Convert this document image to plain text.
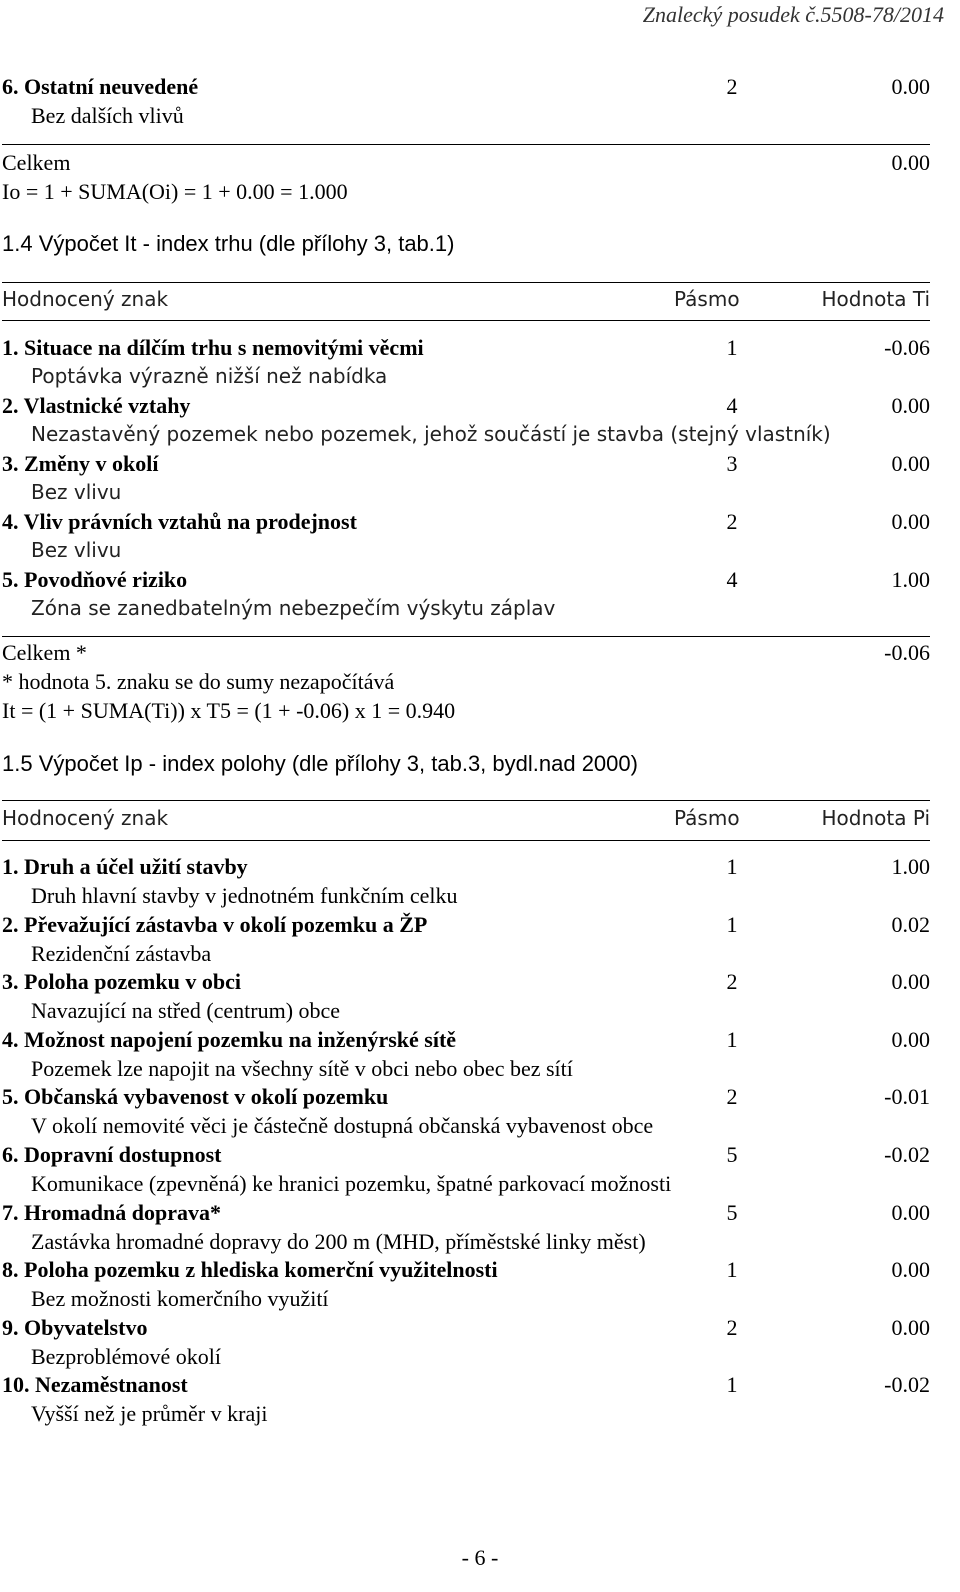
Znalecký posudek č.5508-78/2014
6. Ostatní neuvedené	2	0.00
Bez dalších vlivů
Celkem	0.00
Io = 1 + SUMA(Oi) = 1 + 0.00 = 1.000
1.4 Výpočet It - index trhu (dle přílohy 3, tab.1)
Hodnocený znak	Pásmo	Hodnota Ti
1. Situace na dílčím trhu s nemovitými věcmi	1	-0.06
Poptávka výrazně nižší než nabídka
2. Vlastnické vztahy	4	0.00
Nezastavěný pozemek nebo pozemek, jehož součástí je stavba (stejný vlastník)
3. Změny v okolí	3	0.00
Bez vlivu
4. Vliv právních vztahů na prodejnost	2	0.00
Bez vlivu
5. Povodňové riziko	4	1.00
Zóna se zanedbatelným nebezpečím výskytu záplav
Celkem *	-0.06
* hodnota 5. znaku se do sumy nezapočítává
It = (1 + SUMA(Ti)) x T5 = (1 + -0.06) x 1 = 0.940
1.5 Výpočet Ip - index polohy (dle přílohy 3, tab.3, bydl.nad 2000)
Hodnocený znak	Pásmo	Hodnota Pi
1. Druh a účel užití stavby	1	1.00
Druh hlavní stavby v jednotném funkčním celku
2. Převažující zástavba v okolí pozemku a ŽP	1	0.02
Rezidenční zástavba
3. Poloha pozemku v obci	2	0.00
Navazující na střed (centrum) obce
4. Možnost napojení pozemku na inženýrské sítě	1	0.00
Pozemek lze napojit na všechny sítě v obci nebo obec bez sítí
5. Občanská vybavenost v okolí pozemku	2	-0.01
V okolí nemovité věci je částečně dostupná občanská vybavenost obce
6. Dopravní dostupnost	5	-0.02
Komunikace (zpevněná) ke hranici pozemku, špatné parkovací možnosti
7. Hromadná doprava*	5	0.00
Zastávka hromadné dopravy do 200 m (MHD, příměstské linky měst)
8. Poloha pozemku z hlediska komerční využitelnosti	1	0.00
Bez možnosti komerčního využití
9. Obyvatelstvo	2	0.00
Bezproblémové okolí
10. Nezaměstnanost	1	-0.02
Vyšší než je průměr v kraji
- 6 -
